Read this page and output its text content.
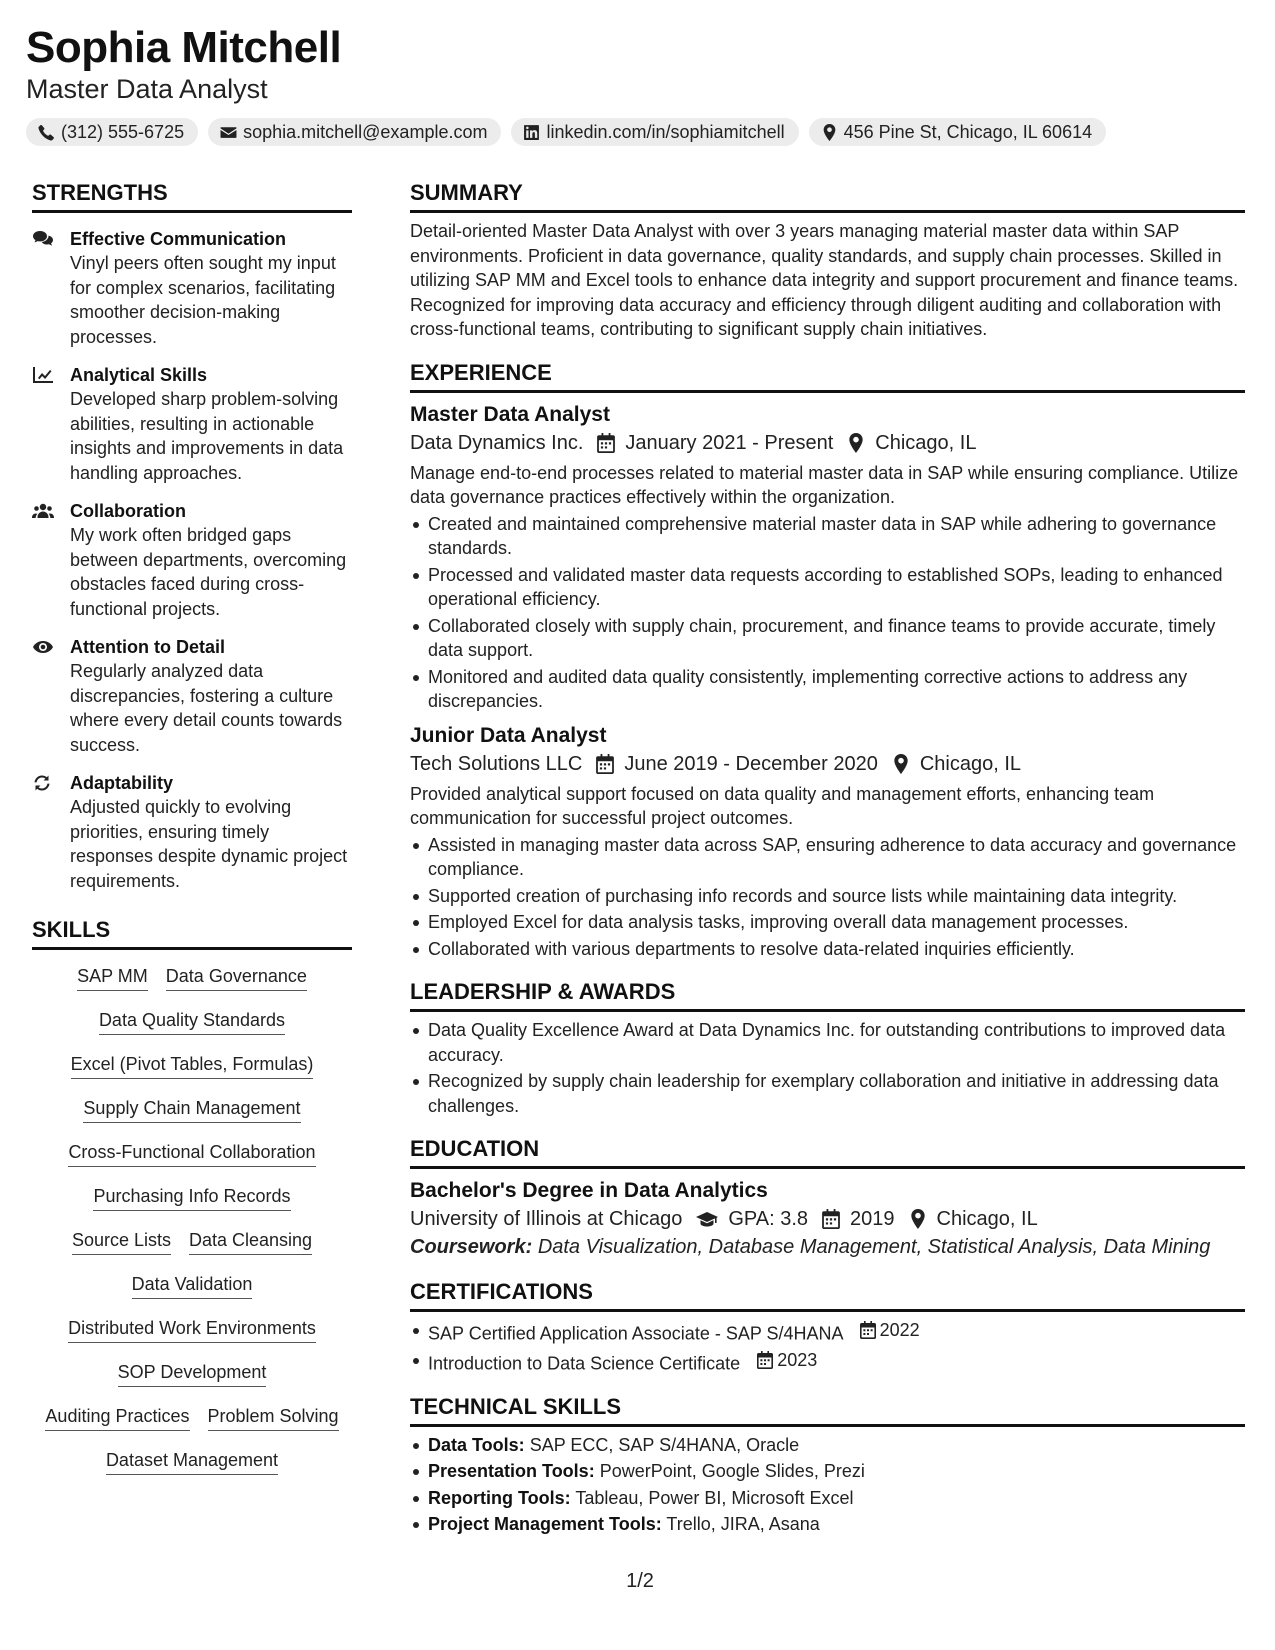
Sophia Mitchell
Master Data Analyst
(312) 555-6725	sophia.mitchell@example.com	linkedin.com/in/sophiamitchell	456 Pine St, Chicago, IL 60614
STRENGTHS
Effective Communication
Vinyl peers often sought my input for complex scenarios, facilitating smoother decision-making processes.
Analytical Skills
Developed sharp problem-solving abilities, resulting in actionable insights and improvements in data handling approaches.
Collaboration
My work often bridged gaps between departments, overcoming obstacles faced during cross-functional projects.
Attention to Detail
Regularly analyzed data discrepancies, fostering a culture where every detail counts towards success.
Adaptability
Adjusted quickly to evolving priorities, ensuring timely responses despite dynamic project requirements.
SKILLS
SAP MM Data Governance
Data Quality Standards
Excel (Pivot Tables, Formulas)
Supply Chain Management
Cross-Functional Collaboration
Purchasing Info Records
Source Lists Data Cleansing
Data Validation
Distributed Work Environments
SOP Development
Auditing Practices Problem Solving
Dataset Management
SUMMARY
Detail-oriented Master Data Analyst with over 3 years managing material master data within SAP environments. Proficient in data governance, quality standards, and supply chain processes. Skilled in utilizing SAP MM and Excel tools to enhance data integrity and support procurement and finance teams. Recognized for improving data accuracy and efficiency through diligent auditing and collaboration with cross-functional teams, contributing to significant supply chain initiatives.
EXPERIENCE
Master Data Analyst
Data Dynamics Inc. January 2021 - Present Chicago, IL
Manage end-to-end processes related to material master data in SAP while ensuring compliance. Utilize data governance practices effectively within the organization.
Created and maintained comprehensive material master data in SAP while adhering to governance standards.
Processed and validated master data requests according to established SOPs, leading to enhanced operational efficiency.
Collaborated closely with supply chain, procurement, and finance teams to provide accurate, timely data support.
Monitored and audited data quality consistently, implementing corrective actions to address any discrepancies.
Junior Data Analyst
Tech Solutions LLC June 2019 - December 2020 Chicago, IL
Provided analytical support focused on data quality and management efforts, enhancing team communication for successful project outcomes.
Assisted in managing master data across SAP, ensuring adherence to data accuracy and governance compliance.
Supported creation of purchasing info records and source lists while maintaining data integrity.
Employed Excel for data analysis tasks, improving overall data management processes.
Collaborated with various departments to resolve data-related inquiries efficiently.
LEADERSHIP & AWARDS
Data Quality Excellence Award at Data Dynamics Inc. for outstanding contributions to improved data accuracy.
Recognized by supply chain leadership for exemplary collaboration and initiative in addressing data challenges.
EDUCATION
Bachelor's Degree in Data Analytics
University of Illinois at Chicago GPA: 3.8 2019 Chicago, IL
Coursework: Data Visualization, Database Management, Statistical Analysis, Data Mining
CERTIFICATIONS
SAP Certified Application Associate - SAP S/4HANA 2022
Introduction to Data Science Certificate 2023
TECHNICAL SKILLS
Data Tools: SAP ECC, SAP S/4HANA, Oracle
Presentation Tools: PowerPoint, Google Slides, Prezi
Reporting Tools: Tableau, Power BI, Microsoft Excel
Project Management Tools: Trello, JIRA, Asana
1/2
